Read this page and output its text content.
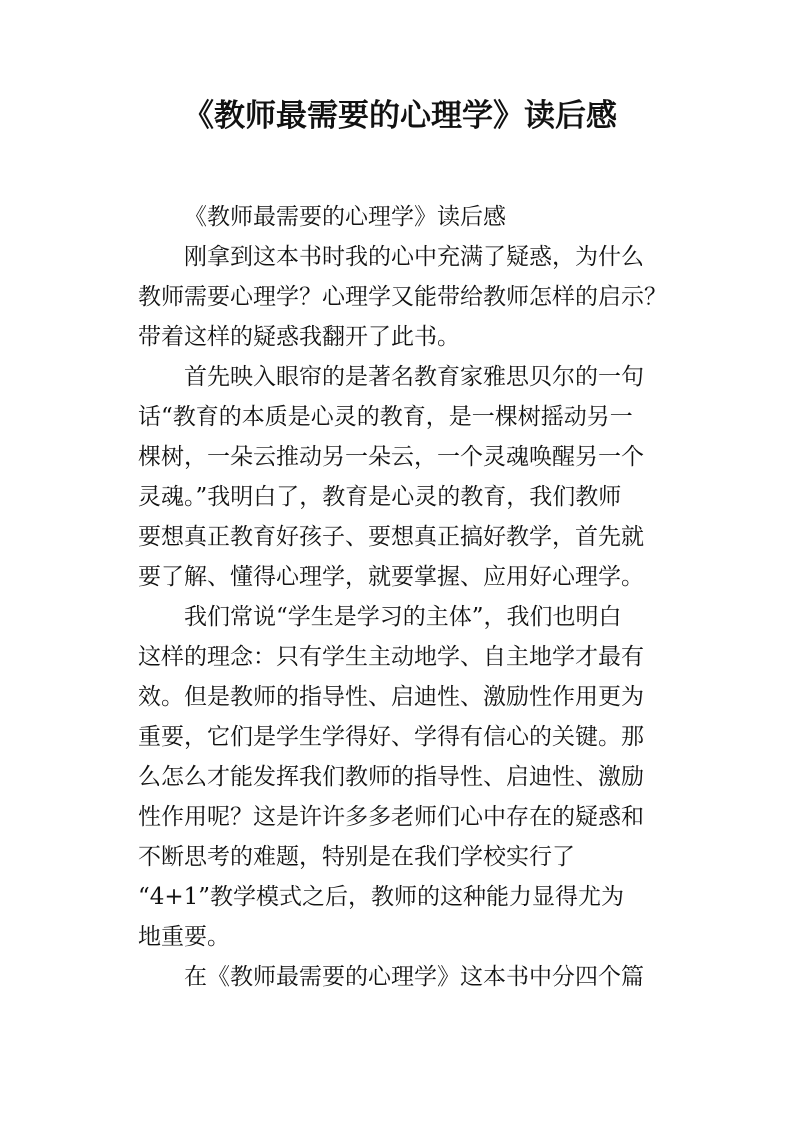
《教师最需要的心理学》读后感
《教师最需要的心理学》读后感
刚拿到这本书时我的心中充满了疑惑，为什么
教师需要心理学？心理学又能带给教师怎样的启示？
带着这样的疑惑我翻开了此书。
首先映入眼帘的是著名教育家雅思贝尔的一句
话“教育的本质是心灵的教育，是一棵树摇动另一
棵树，一朵云推动另一朵云，一个灵魂唤醒另一个
灵魂。”我明白了，教育是心灵的教育，我们教师
要想真正教育好孩子、要想真正搞好教学，首先就
要了解、懂得心理学，就要掌握、应用好心理学。
我们常说“学生是学习的主体”，我们也明白
这样的理念：只有学生主动地学、自主地学才最有
效。但是教师的指导性、启迪性、激励性作用更为
重要，它们是学生学得好、学得有信心的关键。那
么怎么才能发挥我们教师的指导性、启迪性、激励
性作用呢？这是许许多多老师们心中存在的疑惑和
不断思考的难题，特别是在我们学校实行了
“4+1”教学模式之后，教师的这种能力显得尤为
地重要。
在《教师最需要的心理学》这本书中分四个篇
